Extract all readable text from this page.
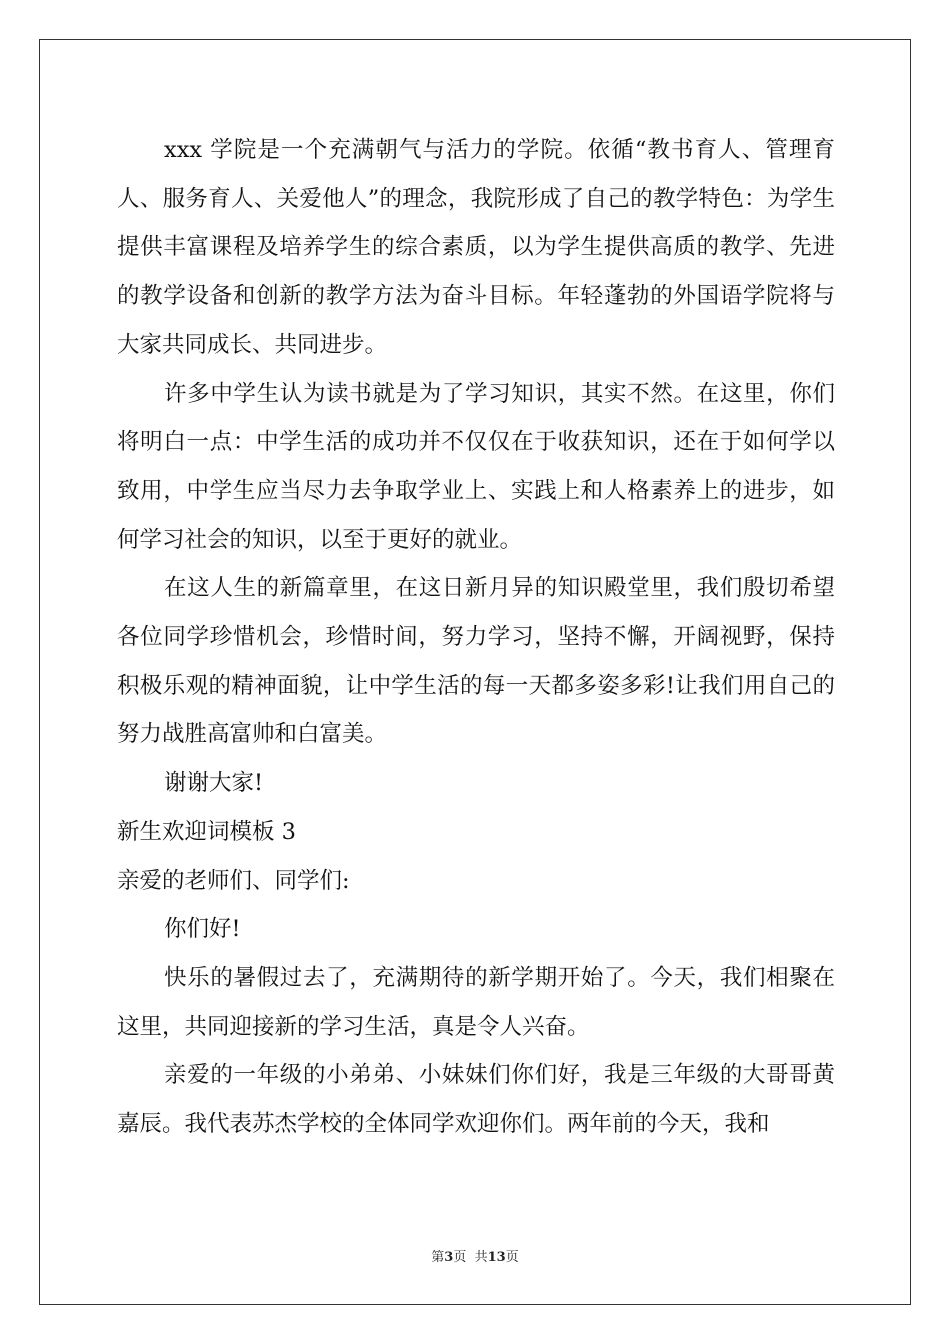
xxx 学院是一个充满朝气与活力的学院。依循“教书育人、管理育人、服务育人、关爱他人”的理念，我院形成了自己的教学特色：为学生提供丰富课程及培养学生的综合素质，以为学生提供高质的教学、先进的教学设备和创新的教学方法为奋斗目标。年轻蓬勃的外国语学院将与大家共同成长、共同进步。

许多中学生认为读书就是为了学习知识，其实不然。在这里，你们将明白一点：中学生活的成功并不仅仅在于收获知识，还在于如何学以致用，中学生应当尽力去争取学业上、实践上和人格素养上的进步，如何学习社会的知识，以至于更好的就业。

在这人生的新篇章里，在这日新月异的知识殿堂里，我们殷切希望各位同学珍惜机会，珍惜时间，努力学习，坚持不懈，开阔视野，保持积极乐观的精神面貌，让中学生活的每一天都多姿多彩!让我们用自己的努力战胜高富帅和白富美。

谢谢大家!

新生欢迎词模板 3

亲爱的老师们、同学们:

你们好!

快乐的暑假过去了，充满期待的新学期开始了。今天，我们相聚在这里，共同迎接新的学习生活，真是令人兴奋。

亲爱的一年级的小弟弟、小妹妹们你们好，我是三年级的大哥哥黄嘉辰。我代表苏杰学校的全体同学欢迎你们。两年前的今天，我和

第3页  共13页
